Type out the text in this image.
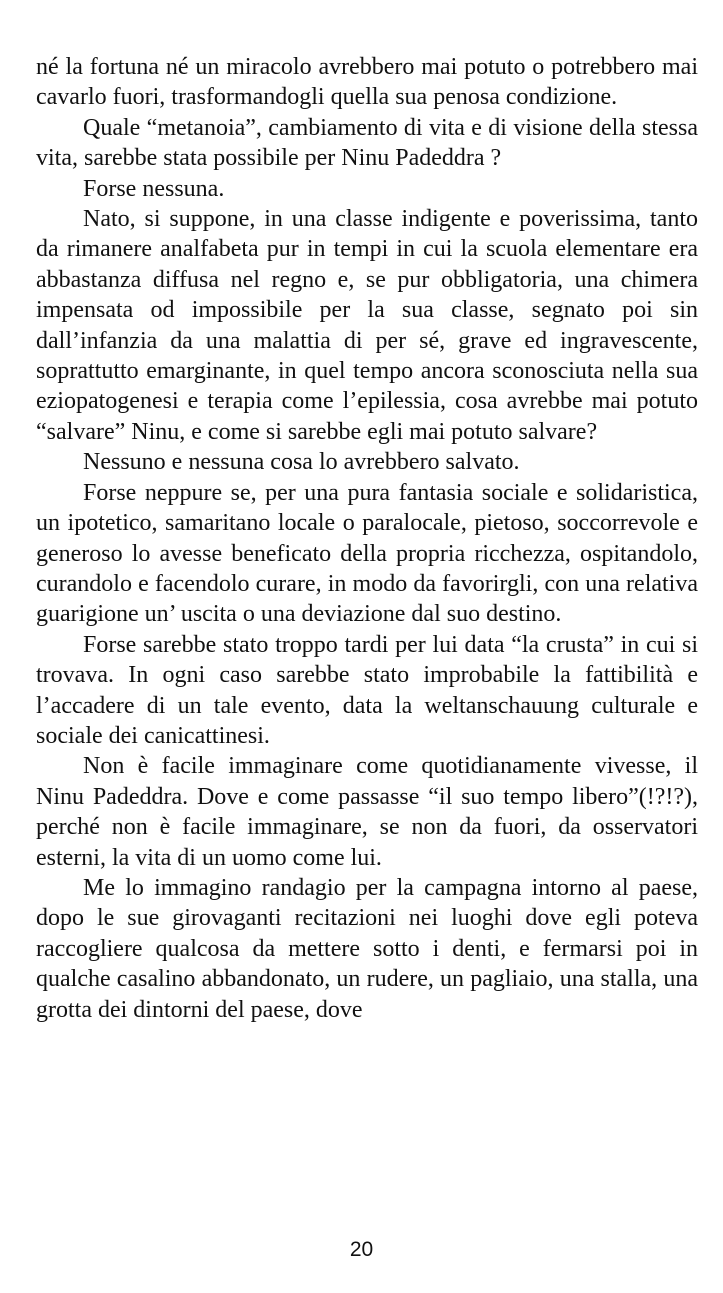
né la fortuna né un miracolo avrebbero mai potuto o potrebbero mai cavarlo fuori, trasformandogli quella sua penosa condizione.

Quale “metanoia”, cambiamento di vita e di visione della stessa vita, sarebbe stata possibile per Ninu Padeddra ?

Forse nessuna.

Nato, si suppone, in una classe indigente e poverissima, tanto da rimanere analfabeta pur in tempi in cui la scuola elementare era abbastanza diffusa nel regno e, se pur obbligatoria, una chimera impensata od impossibile per la sua classe, segnato poi sin dall’infanzia da una malattia di per sé, grave ed ingravescente, soprattutto emarginante, in quel tempo ancora sconosciuta nella sua eziopatogenesi e terapia come l’epilessia, cosa avrebbe mai potuto “salvare” Ninu, e come si sarebbe egli mai potuto salvare?

Nessuno e nessuna cosa lo avrebbero salvato.

Forse neppure se, per una pura fantasia sociale e solidaristica, un ipotetico, samaritano locale o paralocale, pietoso, soccorrevole e generoso lo avesse beneficato della propria ricchezza, ospitandolo, curandolo e facendolo curare, in modo da favorirgli, con una relativa guarigione un’ uscita o una deviazione dal suo destino.

Forse sarebbe stato troppo tardi per lui data “la crusta” in cui si trovava. In ogni caso sarebbe stato improbabile la fattibilità e l’accadere di un tale evento, data la weltanschauung culturale e sociale dei canicattinesi.

Non è facile immaginare come quotidianamente vivesse, il Ninu Padeddra. Dove e come passasse “il suo tempo libero”(!?!?), perché non è facile immaginare, se non da fuori, da osservatori esterni, la vita di un uomo come lui.

Me lo immagino randagio per la campagna intorno al paese, dopo le sue girovaganti recitazioni nei luoghi dove egli poteva raccogliere qualcosa da mettere sotto i denti, e fermarsi poi in qualche casalino abbandonato, un rudere, un pagliaio, una stalla, una grotta dei dintorni del paese, dove

20
